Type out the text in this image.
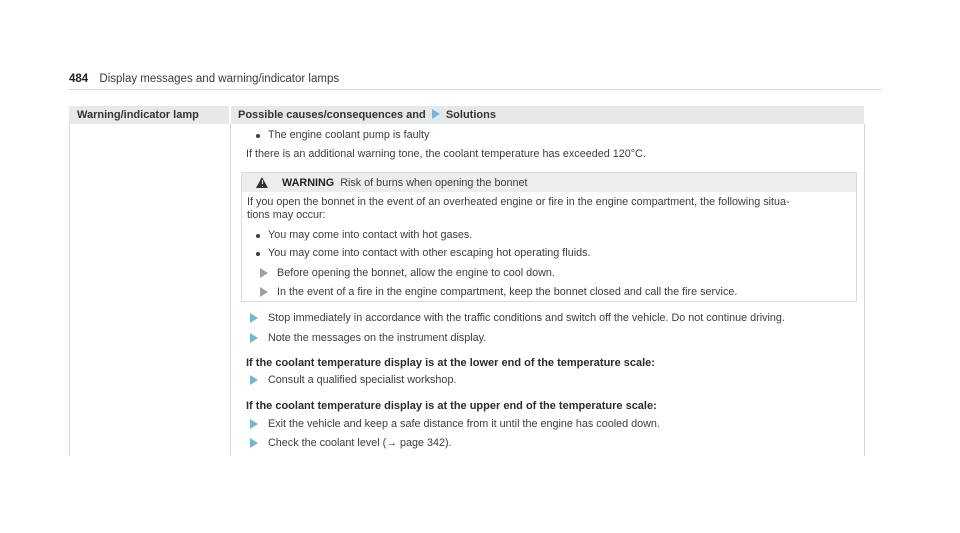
484 Display messages and warning/indicator lamps
Warning/indicator lamp	Possible causes/consequences and Solutions
The engine coolant pump is faulty
If there is an additional warning tone, the coolant temperature has exceeded 120°C.
WARNING Risk of burns when opening the bonnet
If you open the bonnet in the event of an overheated engine or fire in the engine compartment, the following situa-
tions may occur:
You may come into contact with hot gases.
You may come into contact with other escaping hot operating fluids.
Before opening the bonnet, allow the engine to cool down.
In the event of a fire in the engine compartment, keep the bonnet closed and call the fire service.
Stop immediately in accordance with the traffic conditions and switch off the vehicle. Do not continue driving.
Note the messages on the instrument display.
If the coolant temperature display is at the lower end of the temperature scale:
Consult a qualified specialist workshop.
If the coolant temperature display is at the upper end of the temperature scale:
Exit the vehicle and keep a safe distance from it until the engine has cooled down.
Check the coolant level (→ page 342).
